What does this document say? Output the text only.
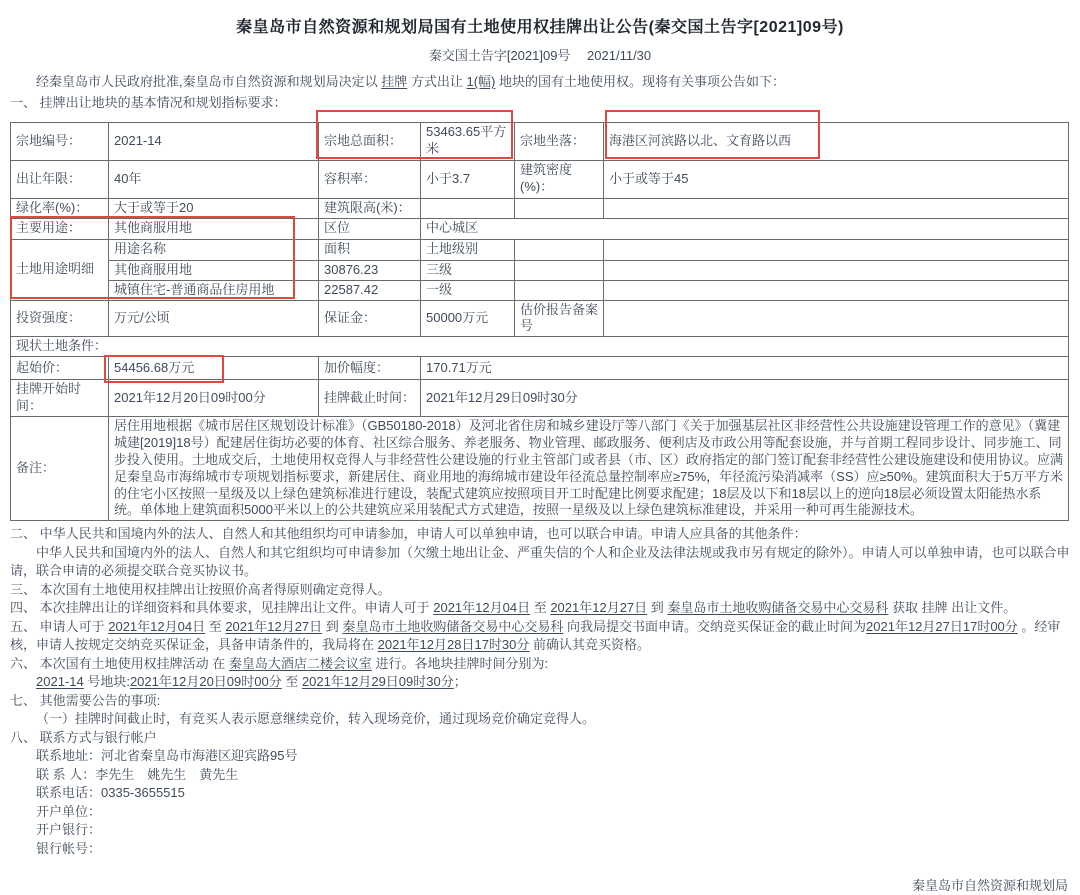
秦皇岛市自然资源和规划局国有土地使用权挂牌出让公告(秦交国土告字[2021]09号)

秦交国土告字[2021]09号　 2021/11/30

经秦皇岛市人民政府批准,秦皇岛市自然资源和规划局决定以 挂牌 方式出让 1(幅) 地块的国有土地使用权。现将有关事项公告如下：

一、 挂牌出让地块的基本情况和规划指标要求：

宗地编号：	2021-14	宗地总面积：	53463.65平方米	宗地坐落：	海港区河滨路以北、文育路以西

出让年限：	40年	容积率：	小于3.7	建筑密度(%)：	小于或等于45
绿化率(%)：	大于或等于20	建筑限高(米)：			
主要用途：	其他商服用地	区位	中心城区		
土地用途明细	用途名称	面积	土地级别		
	其他商服用地	30876.23	三级		
	城镇住宅-普通商品住房用地	22587.42	一级		
投资强度：	万元/公顷	保证金：	50000万元	估价报告备案号	
现状土地条件：					
起始价：	54456.68万元	加价幅度：	170.71万元		
挂牌开始时间：	2021年12月20日09时00分	挂牌截止时间：	2021年12月29日09时30分		
备注：	居住用地根据《城市居住区规划设计标准》（GB50180-2018）及河北省住房和城乡建设厅等八部门《关于加强基层社区非经营性公共设施建设管理工作的意见》（冀建城建[2019]18号）配建居住街坊必要的体育、社区综合服务、养老服务、物业管理、邮政服务、便利店及市政公用等配套设施，并与首期工程同步设计、同步施工、同步投入使用。土地成交后，土地使用权竞得人与非经营性公建设施的行业主管部门或者县（市、区）政府指定的部门签订配套非经营性公建设施建设和使用协议。应满足秦皇岛市海绵城市专项规划指标要求，新建居住、商业用地的海绵城市建设年径流总量控制率应≥75%，年径流污染消减率（SS）应≥50%。建筑面积大于5万平方米的住宅小区按照一星级及以上绿色建筑标准进行建设，装配式建筑应按照项目开工时配建比例要求配建；18层及以下和18层以上的逆向18层必须设置太阳能热水系统。单体地上建筑面积5000平米以上的公共建筑应采用装配式方式建造，按照一星级及以上绿色建筑标准建设，并采用一种可再生能源技术。				

二、 中华人民共和国境内外的法人、自然人和其他组织均可申请参加，申请人可以单独申请，也可以联合申请。申请人应具备的其他条件：

中华人民共和国境内外的法人、自然人和其它组织均可申请参加（欠缴土地出让金、严重失信的个人和企业及法律法规或我市另有规定的除外）。申请人可以单独申请，也可以联合申请，联合申请的必须提交联合竞买协议书。

三、 本次国有土地使用权挂牌出让按照价高者得原则确定竞得人。

四、 本次挂牌出让的详细资料和具体要求，见挂牌出让文件。申请人可于 2021年12月04日 至 2021年12月27日 到 秦皇岛市土地收购储备交易中心交易科 获取 挂牌 出让文件。

五、 申请人可于 2021年12月04日 至 2021年12月27日 到 秦皇岛市土地收购储备交易中心交易科 向我局提交书面申请。交纳竞买保证金的截止时间为2021年12月27日17时00分 。经审核，申请人按规定交纳竞买保证金，具备申请条件的，我局将在 2021年12月28日17时30分 前确认其竞买资格。

六、 本次国有土地使用权挂牌活动 在 秦皇岛大酒店二楼会议室 进行。各地块挂牌时间分别为:

2021-14 号地块:2021年12月20日09时00分 至 2021年12月29日09时30分；

七、 其他需要公告的事项:

（一）挂牌时间截止时，有竞买人表示愿意继续竞价，转入现场竞价，通过现场竞价确定竞得人。

八、 联系方式与银行帐户

联系地址：河北省秦皇岛市海港区迎宾路95号

联 系 人：李先生　姚先生　黄先生

联系电话：0335-3655515

开户单位：

开户银行：

银行帐号：

秦皇岛市自然资源和规划局
